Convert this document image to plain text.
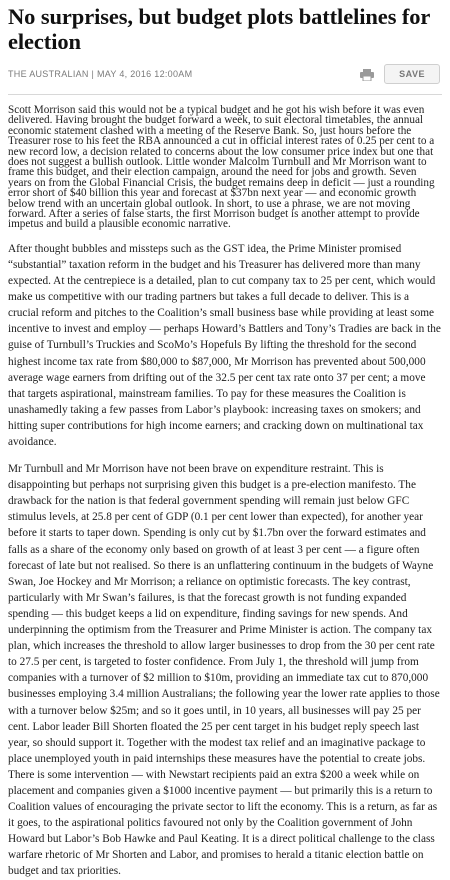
No surprises, but budget plots battlelines for election
THE AUSTRALIAN | MAY 4, 2016 12:00AM	SAVE

Scott Morrison said this would not be a typical budget and he got his wish before it was even delivered. Having brought the budget forward a week, to suit electoral timetables, the annual economic statement clashed with a meeting of the Reserve Bank. So, just hours before the Treasurer rose to his feet the RBA announced a cut in official interest rates of 0.25 per cent to a new record low, a decision related to concerns about the low consumer price index but one that does not suggest a bullish outlook. Little wonder Malcolm Turnbull and Mr Morrison want to frame this budget, and their election campaign, around the need for jobs and growth. Seven years on from the Global Financial Crisis, the budget remains deep in deficit — just a rounding error short of $40 billion this year and forecast at $37bn next year — and economic growth below trend with an uncertain global outlook. In short, to use a phrase, we are not moving forward. After a series of false starts, the first Morrison budget is another attempt to provide impetus and build a plausible economic narrative.

After thought bubbles and missteps such as the GST idea, the Prime Minister promised “substantial” taxation reform in the budget and his Treasurer has delivered more than many expected. At the centrepiece is a detailed, plan to cut company tax to 25 per cent, which would make us competitive with our trading partners but takes a full decade to deliver. This is a crucial reform and pitches to the Coalition’s small business base while providing at least some incentive to invest and employ — perhaps Howard’s Battlers and Tony’s Tradies are back in the guise of Turnbull’s Truckies and ScoMo’s Hopefuls By lifting the threshold for the second highest income tax rate from $80,000 to $87,000, Mr Morrison has prevented about 500,000 average wage earners from drifting out of the 32.5 per cent tax rate onto 37 per cent; a move that targets aspirational, mainstream families. To pay for these measures the Coalition is unashamedly taking a few passes from Labor’s playbook: increasing taxes on smokers; and hitting super contributions for high income earners; and cracking down on multinational tax avoidance.

Mr Turnbull and Mr Morrison have not been brave on expenditure restraint. This is disappointing but perhaps not surprising given this budget is a pre-election manifesto. The drawback for the nation is that federal government spending will remain just below GFC stimulus levels, at 25.8 per cent of GDP (0.1 per cent lower than expected), for another year before it starts to taper down. Spending is only cut by $1.7bn over the forward estimates and falls as a share of the economy only based on growth of at least 3 per cent — a figure often forecast of late but not realised. So there is an unflattering continuum in the budgets of Wayne Swan, Joe Hockey and Mr Morrison; a reliance on optimistic forecasts. The key contrast, particularly with Mr Swan’s failures, is that the forecast growth is not funding expanded spending — this budget keeps a lid on expenditure, finding savings for new spends. And underpinning the optimism from the Treasurer and Prime Minister is action. The company tax plan, which increases the threshold to allow larger businesses to drop from the 30 per cent rate to 27.5 per cent, is targeted to foster confidence. From July 1, the threshold will jump from companies with a turnover of $2 million to $10m, providing an immediate tax cut to 870,000 businesses employing 3.4 million Australians; the following year the lower rate applies to those with a turnover below $25m; and so it goes until, in 10 years, all businesses will pay 25 per cent. Labor leader Bill Shorten floated the 25 per cent target in his budget reply speech last year, so should support it. Together with the modest tax relief and an imaginative package to place unemployed youth in paid internships these measures have the potential to create jobs. There is some intervention — with Newstart recipients paid an extra $200 a week while on placement and companies given a $1000 incentive payment — but primarily this is a return to Coalition values of encouraging the private sector to lift the economy. This is a return, as far as it goes, to the aspirational politics favoured not only by the Coalition government of John Howard but Labor’s Bob Hawke and Paul Keating. It is a direct political challenge to the class warfare rhetoric of Mr Shorten and Labor, and promises to herald a titanic election battle on budget and tax priorities.
